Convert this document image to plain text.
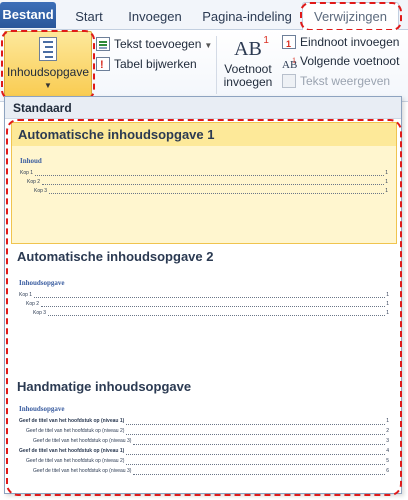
Bestand	Start	Invoegen	Pagina-indeling	Verwijzingen
Inhoudsopgave
▼
Tekst toevoegen ▼
!Tabel bijwerken
AB 1
Voetnoot
invoegen
1Eindnoot invoegen
AB 1 Volgende voetnoot
Tekst weergeven
Standaard
Automatische inhoudsopgave 1
Inhoud
Kop 1	1
Kop 2	1
Kop 3	1
Automatische inhoudsopgave 2
Inhoudsopgave
Kop 1	1
Kop 2	1
Kop 3	1
Handmatige inhoudsopgave
Inhoudsopgave
Geef de titel van het hoofdstuk op (niveau 1)	1
Geef de titel van het hoofdstuk op (niveau 2)	2
Geef de titel van het hoofdstuk op (niveau 3)	3
Geef de titel van het hoofdstuk op (niveau 1)	4
Geef de titel van het hoofdstuk op (niveau 2)	5
Geef de titel van het hoofdstuk op (niveau 3)	6
